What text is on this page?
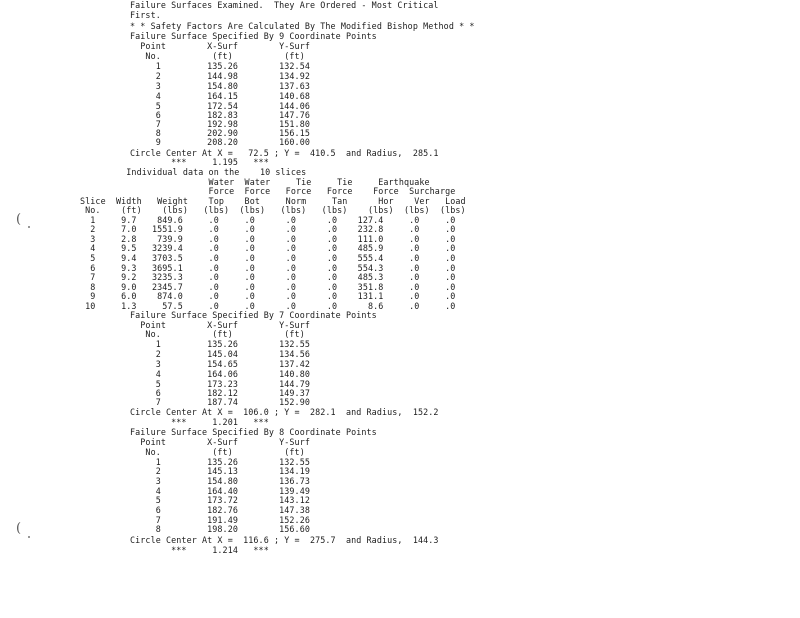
(
(
Failure Surfaces Examined.  They Are Ordered - Most Critical
First.
* * Safety Factors Are Calculated By The Modified Bishop Method * *
Failure Surface Specified By 9 Coordinate Points
Point        X-Surf        Y-Surf
No.          (ft)          (ft)
1         135.26        132.54
2         144.98        134.92
3         154.80        137.63
4         164.15        140.68
5         172.54        144.06
6         182.83        147.76
7         192.98        151.80
8         202.90        156.15
9         208.20        160.00
Circle Center At X =   72.5 ; Y =  410.5  and Radius,  285.1
***     1.195   ***
Individual data on the    10 slices
Water  Water     Tie     Tie     Earthquake
Force  Force   Force   Force    Force  Surcharge
Slice  Width   Weight    Top    Bot     Norm     Tan      Hor    Ver   Load
No.    (ft)    (lbs)   (lbs)  (lbs)   (lbs)   (lbs)    (lbs)  (lbs)  (lbs)
1     9.7    849.6     .0     .0      .0      .0    127.4     .0     .0
2     7.0   1551.9     .0     .0      .0      .0    232.8     .0     .0
3     2.8    739.9     .0     .0      .0      .0    111.0     .0     .0
4     9.5   3239.4     .0     .0      .0      .0    485.9     .0     .0
5     9.4   3703.5     .0     .0      .0      .0    555.4     .0     .0
6     9.3   3695.1     .0     .0      .0      .0    554.3     .0     .0
7     9.2   3235.3     .0     .0      .0      .0    485.3     .0     .0
8     9.0   2345.7     .0     .0      .0      .0    351.8     .0     .0
9     6.0    874.0     .0     .0      .0      .0    131.1     .0     .0
10     1.3     57.5     .0     .0      .0      .0      8.6     .0     .0
Failure Surface Specified By 7 Coordinate Points
Point        X-Surf        Y-Surf
No.          (ft)          (ft)
1         135.26        132.55
2         145.04        134.56
3         154.65        137.42
4         164.06        140.80
5         173.23        144.79
6         182.12        149.37
7         187.74        152.90
Circle Center At X =  106.0 ; Y =  282.1  and Radius,  152.2
***     1.201   ***
Failure Surface Specified By 8 Coordinate Points
Point        X-Surf        Y-Surf
No.          (ft)          (ft)
1         135.26        132.55
2         145.13        134.19
3         154.80        136.73
4         164.40        139.49
5         173.72        143.12
6         182.76        147.38
7         191.49        152.26
8         198.20        156.60
Circle Center At X =  116.6 ; Y =  275.7  and Radius,  144.3
***     1.214   ***
